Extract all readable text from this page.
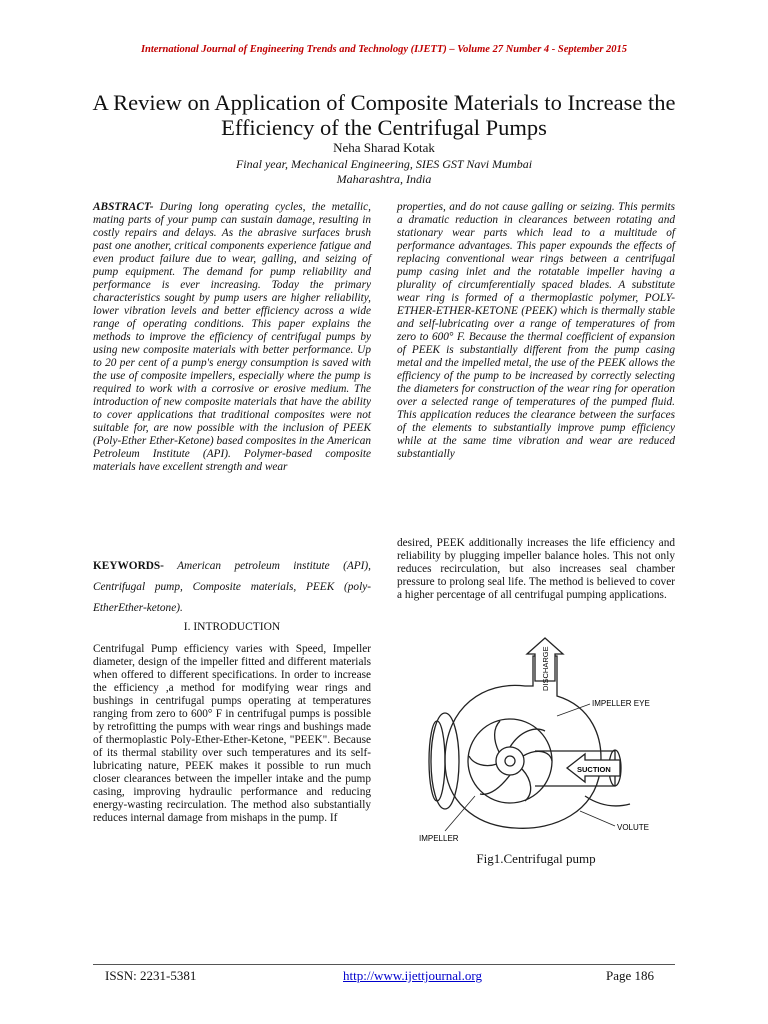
International Journal of Engineering Trends and Technology (IJETT) – Volume 27 Number 4 - September 2015
A Review on Application of Composite Materials to Increase the Efficiency of the Centrifugal Pumps
Neha Sharad Kotak
Final year, Mechanical Engineering, SIES GST Navi Mumbai
Maharashtra, India

ABSTRACT- During long operating cycles, the metallic, mating parts of your pump can sustain damage, resulting in costly repairs and delays. As the abrasive surfaces brush past one another, critical components experience fatigue and even product failure due to wear, galling, and seizing of pump equipment. The demand for pump reliability and performance is ever increasing. Today the primary characteristics sought by pump users are higher reliability, lower vibration levels and better efficiency across a wide range of operating conditions. This paper explains the methods to improve the efficiency of centrifugal pumps by using new composite materials with better performance. Up to 20 per cent of a pump's energy consumption is saved with the use of composite impellers, especially where the pump is required to work with a corrosive or erosive medium. The introduction of new composite materials that have the ability to cover applications that traditional composites were not suitable for, are now possible with the inclusion of PEEK (Poly-Ether Ether-Ketone) based composites in the American Petroleum Institute (API). Polymer-based composite materials have excellent strength and wear

KEYWORDS- American petroleum institute (API), Centrifugal pump, Composite materials, PEEK (poly-EtherEther-ketone).

I. INTRODUCTION

Centrifugal Pump efficiency varies with Speed, Impeller diameter, design of the impeller fitted and different materials when offered to different specifications. In order to increase the efficiency ,a method for modifying wear rings and bushings in centrifugal pumps operating at temperatures ranging from zero to 600° F in centrifugal pumps is possible by retrofitting the pumps with wear rings and bushings made of thermoplastic Poly-Ether-Ether-Ketone, "PEEK". Because of its thermal stability over such temperatures and its self-lubricating nature, PEEK makes it possible to run much closer clearances between the impeller intake and the pump casing, improving hydraulic performance and reducing energy-wasting recirculation. The method also substantially reduces internal damage from mishaps in the pump. If

properties, and do not cause galling or seizing. This permits a dramatic reduction in clearances between rotating and stationary wear parts which lead to a multitude of performance advantages. This paper expounds the effects of replacing conventional wear rings between a centrifugal pump casing inlet and the rotatable impeller having a plurality of circumferentially spaced blades. A substitute wear ring is formed of a thermoplastic polymer, POLY-ETHER-ETHER-KETONE (PEEK) which is thermally stable and self-lubricating over a range of temperatures of from zero to 600° F. Because the thermal coefficient of expansion of PEEK is substantially different from the pump casing metal and the impelled metal, the use of the PEEK allows the efficiency of the pump to be increased by correctly selecting the diameters for construction of the wear ring for operation over a selected range of temperatures of the pumped fluid. This application reduces the clearance between the surfaces of the elements to substantially improve pump efficiency while at the same time vibration and wear are reduced substantially

desired, PEEK additionally increases the life efficiency and reliability by plugging impeller balance holes. This not only reduces recirculation, but also increases seal chamber pressure to prolong seal life. The method is believed to cover a higher percentage of all centrifugal pumping applications.

DISCHARGE
IMPELLER EYE
SUCTION
IMPELLER
VOLUTE
Fig1.Centrifugal pump
ISSN: 2231-5381	http://www.ijettjournal.org	Page 186
